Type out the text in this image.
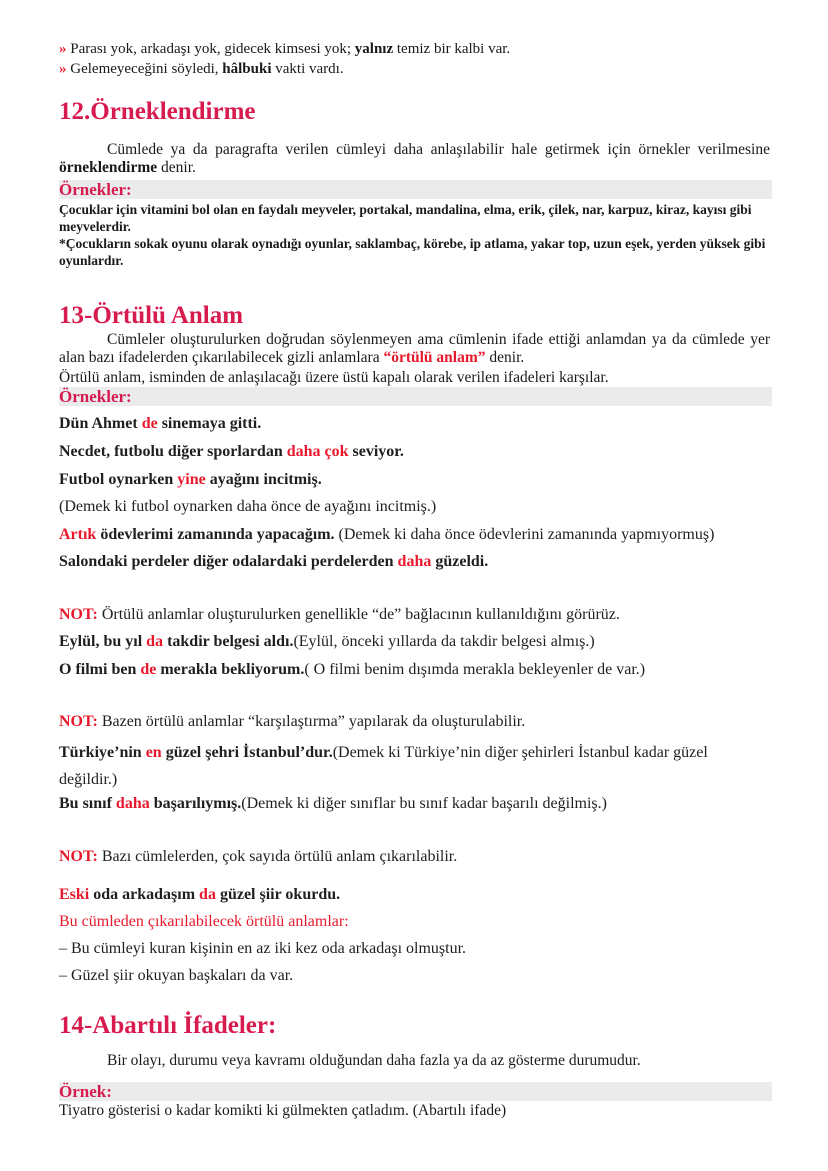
» Parası yok, arkadaşı yok, gidecek kimsesi yok; yalnız temiz bir kalbi var.

» Gelemeyeceğini söyledi, hâlbuki vakti vardı.

12.Örneklendirme

Cümlede ya da paragrafta verilen cümleyi daha anlaşılabilir hale getirmek için örnekler verilmesine örneklendirme denir.

Örnekler:

Çocuklar için vitamini bol olan en faydalı meyveler, portakal, mandalina, elma, erik, çilek, nar, karpuz, kiraz, kayısı gibi meyvelerdir.

*Çocukların sokak oyunu olarak oynadığı oyunlar, saklambaç, körebe, ip atlama, yakar top, uzun eşek, yerden yüksek gibi oyunlardır.

13-Örtülü Anlam

Cümleler oluşturulurken doğrudan söylenmeyen ama cümlenin ifade ettiği anlamdan ya da cümlede yer alan bazı ifadelerden çıkarılabilecek gizli anlamlara “örtülü anlam” denir.

Örtülü anlam, isminden de anlaşılacağı üzere üstü kapalı olarak verilen ifadeleri karşılar.

Örnekler:

Dün Ahmet de sinemaya gitti.

Necdet, futbolu diğer sporlardan daha çok seviyor.

Futbol oynarken yine ayağını incitmiş.

(Demek ki futbol oynarken daha önce de ayağını incitmiş.)

Artık ödevlerimi zamanında yapacağım. (Demek ki daha önce ödevlerini zamanında yapmıyormuş)

Salondaki perdeler diğer odalardaki perdelerden daha güzeldi.

NOT: Örtülü anlamlar oluşturulurken genellikle “de” bağlacının kullanıldığını görürüz.

Eylül, bu yıl da takdir belgesi aldı.(Eylül, önceki yıllarda da takdir belgesi almış.)

O filmi ben de merakla bekliyorum.( O filmi benim dışımda merakla bekleyenler de var.)

NOT: Bazen örtülü anlamlar “karşılaştırma” yapılarak da oluşturulabilir.

Türkiye’nin en güzel şehri İstanbul’dur.(Demek ki Türkiye’nin diğer şehirleri İstanbul kadar güzel değildir.)

Bu sınıf daha başarılıymış.(Demek ki diğer sınıflar bu sınıf kadar başarılı değilmiş.)

NOT: Bazı cümlelerden, çok sayıda örtülü anlam çıkarılabilir.

Eski oda arkadaşım da güzel şiir okurdu.

Bu cümleden çıkarılabilecek örtülü anlamlar:

– Bu cümleyi kuran kişinin en az iki kez oda arkadaşı olmuştur.

– Güzel şiir okuyan başkaları da var.

14-Abartılı İfadeler:

Bir olayı, durumu veya kavramı olduğundan daha fazla ya da az gösterme durumudur.

Örnek:

Tiyatro gösterisi o kadar komikti ki gülmekten çatladım. (Abartılı ifade)
